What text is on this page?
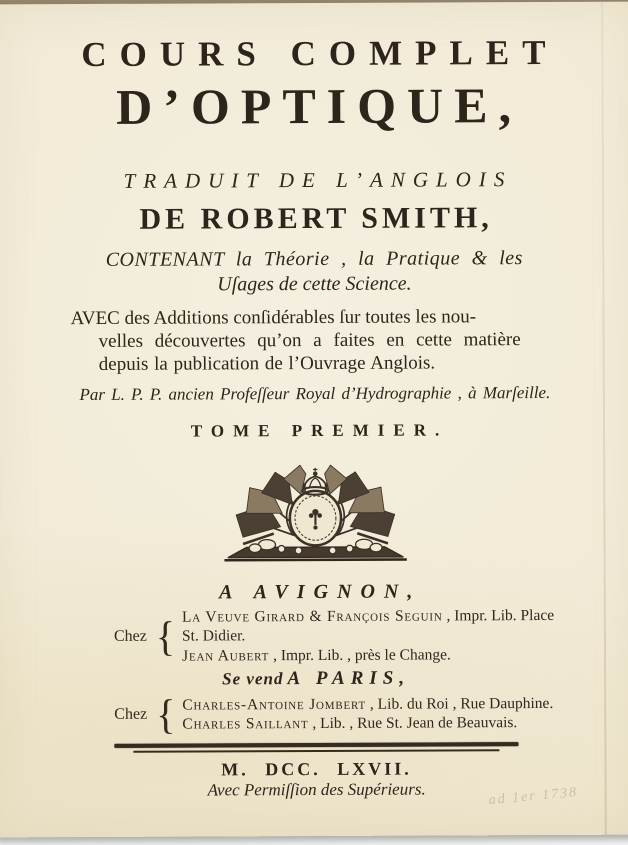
COURS COMPLET
D’OPTIQUE,
TRADUIT DE L’ANGLOIS
DE ROBERT SMITH,
CONTENANT la Théorie , la Pratique & les
Uſages de cette Science.
AVEC des Additions conſidérables ſur toutes les nou-
velles découvertes qu’on a faites en cette matière
depuis la publication de l’Ouvrage Anglois.
Par L. P. P. ancien Profeſſeur Royal d’Hydrographie , à Marſeille.
TOME PREMIER.
A AVIGNON,
Chez { La Veuve Girard & François Seguin , Impr. Lib. Place St. Didier.
Jean Aubert , Impr. Lib. , près le Change.
Se vend A PARIS,
Chez { Charles-Antoine Jombert , Lib. du Roi , Rue Dauphine.
Charles Saillant , Lib. , Rue St. Jean de Beauvais.
M. DCC. LXVII.
Avec Permiſſion des Supérieurs.	ad 1er 1738
